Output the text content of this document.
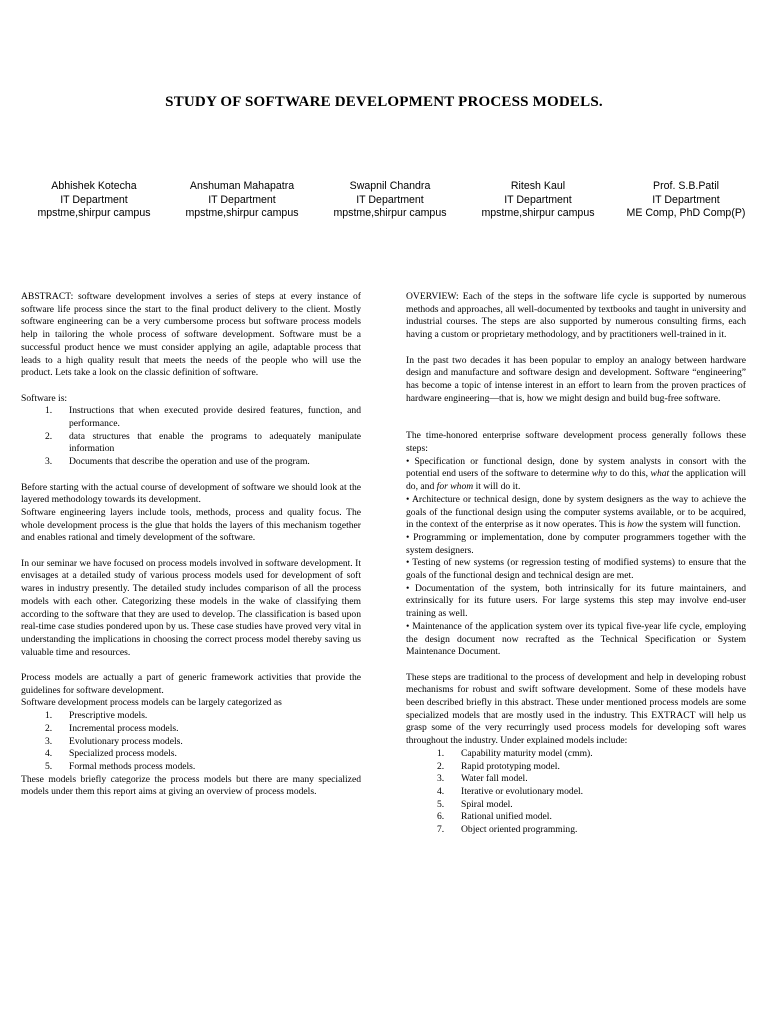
STUDY OF SOFTWARE DEVELOPMENT PROCESS MODELS.
Abhishek Kotecha
IT Department
mpstme,shirpur campus
Anshuman Mahapatra
IT Department
mpstme,shirpur campus
Swapnil Chandra
IT Department
mpstme,shirpur campus
Ritesh Kaul
IT Department
mpstme,shirpur campus
Prof. S.B.Patil
IT Department
ME Comp, PhD Comp(P)

ABSTRACT: software development involves a series of steps at every instance of software life process since the start to the final product delivery to the client. Mostly software engineering can be a very cumbersome process but software process models help in tailoring the whole process of software development. Software must be a successful product hence we must consider applying an agile, adaptable process that leads to a high quality result that meets the needs of the people who will use the product. Lets take a look on the classic definition of software.

Software is:

1. Instructions that when executed provide desired features, function, and performance.
2. data structures that enable the programs to adequately manipulate information
3. Documents that describe the operation and use of the program.

Before starting with the actual course of development of software we should look at the layered methodology towards its development.

Software engineering layers include tools, methods, process and quality focus. The whole development process is the glue that holds the layers of this mechanism together and enables rational and timely development of the software.

In our seminar we have focused on process models involved in software development. It envisages at a detailed study of various process models used for development of soft wares in industry presently. The detailed study includes comparison of all the process models with each other. Categorizing these models in the wake of classifying them according to the software that they are used to develop. The classification is based upon real-time case studies pondered upon by us. These case studies have proved very vital in understanding the implications in choosing the correct process model thereby saving us valuable time and resources.

Process models are actually a part of generic framework activities that provide the guidelines for software development.

Software development process models can be largely categorized as

1. Prescriptive models.
2. Incremental process models.
3. Evolutionary process models.
4. Specialized process models.
5. Formal methods process models.

These models briefly categorize the process models but there are many specialized models under them this report aims at giving an overview of process models.

OVERVIEW: Each of the steps in the software life cycle is supported by numerous methods and approaches, all well-documented by textbooks and taught in university and industrial courses. The steps are also supported by numerous consulting firms, each having a custom or proprietary methodology, and by practitioners well-trained in it.

In the past two decades it has been popular to employ an analogy between hardware design and manufacture and software design and development. Software “engineering” has become a topic of intense interest in an effort to learn from the proven practices of hardware engineering—that is, how we might design and build bug-free software.

The time-honored enterprise software development process generally follows these steps:

• Specification or functional design, done by system analysts in consort with the potential end users of the software to determine why to do this, what the application will do, and for whom it will do it.

• Architecture or technical design, done by system designers as the way to achieve the goals of the functional design using the computer systems available, or to be acquired, in the context of the enterprise as it now operates. This is how the system will function.

• Programming or implementation, done by computer programmers together with the system designers.

• Testing of new systems (or regression testing of modified systems) to ensure that the goals of the functional design and technical design are met.

• Documentation of the system, both intrinsically for its future maintainers, and extrinsically for its future users. For large systems this step may involve end-user training as well.

• Maintenance of the application system over its typical five-year life cycle, employing the design document now recrafted as the Technical Specification or System Maintenance Document.

These steps are traditional to the process of development and help in developing robust mechanisms for robust and swift software development. Some of these models have been described briefly in this abstract. These under mentioned process models are some specialized models that are mostly used in the industry. This EXTRACT will help us grasp some of the very recurringly used process models for developing soft wares throughout the industry. Under explained models include:

1. Capability maturity model (cmm).
2. Rapid prototyping model.
3. Water fall model.
4. Iterative or evolutionary model.
5. Spiral model.
6. Rational unified model.
7. Object oriented programming.
